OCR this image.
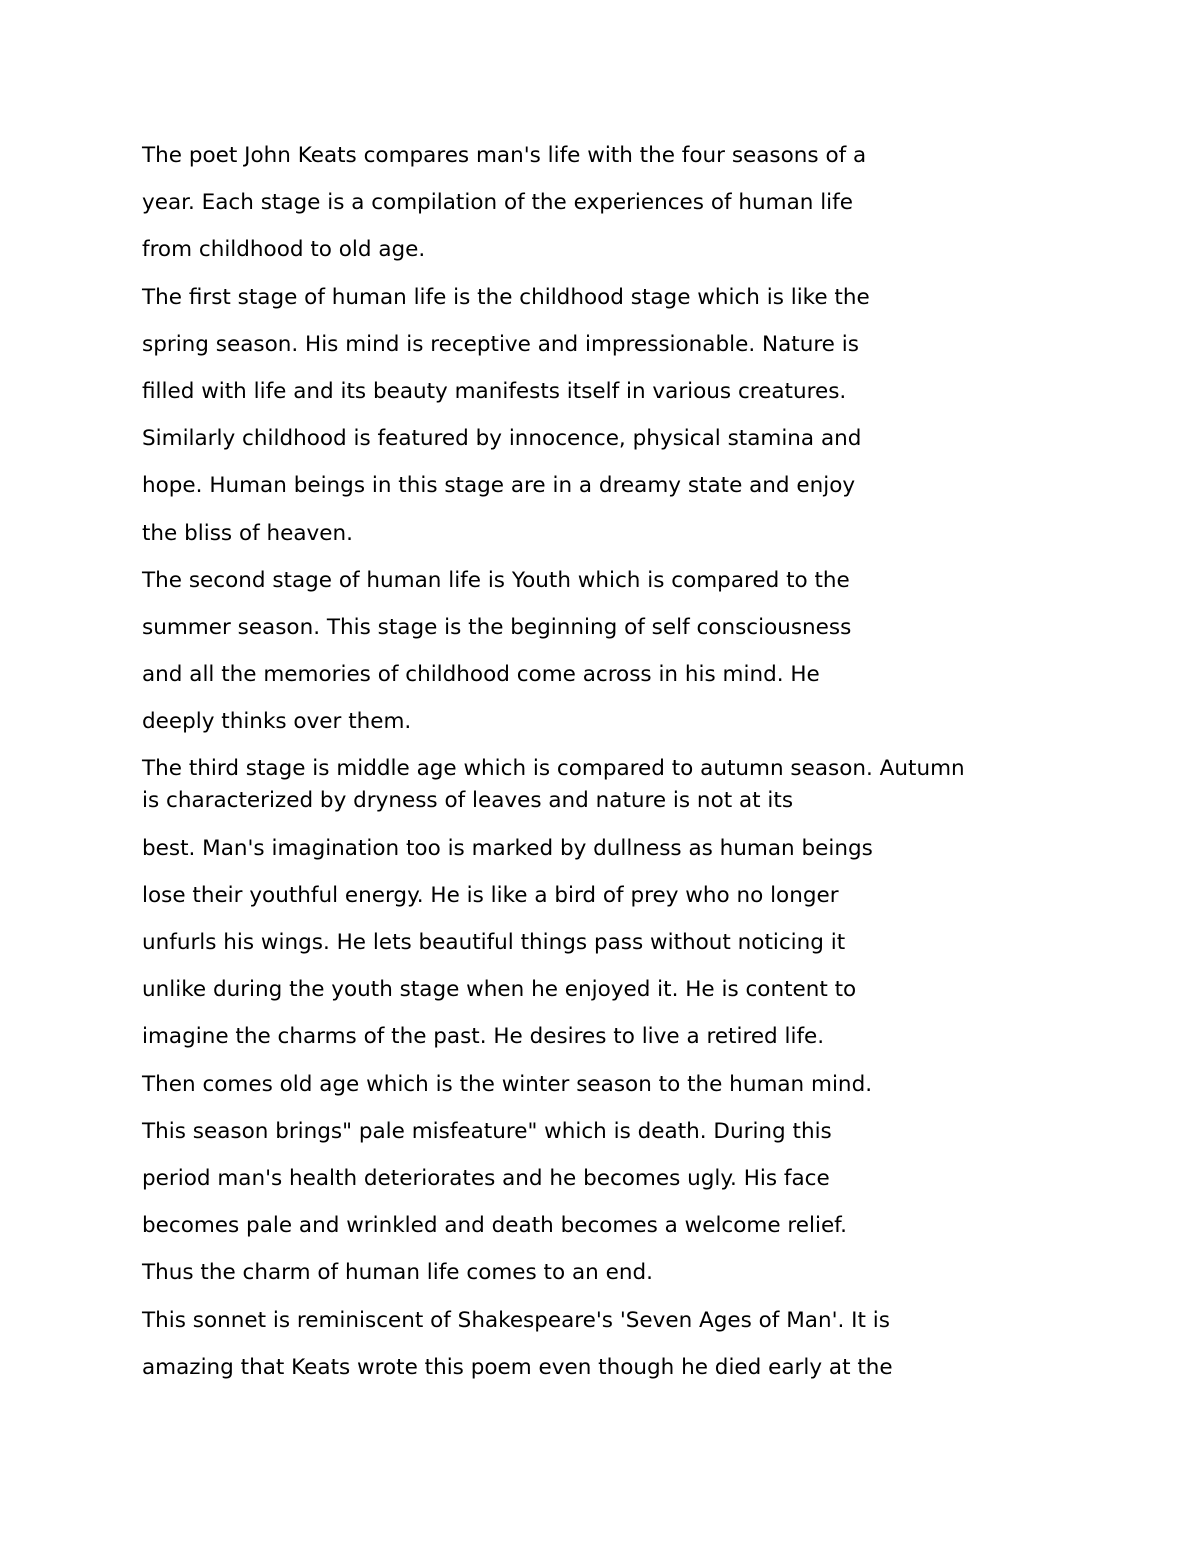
The poet John Keats compares man's life with the four seasons of a
year. Each stage is a compilation of the experiences of human life
from childhood to old age.
The first stage of human life is the childhood stage which is like the
spring season. His mind is receptive and impressionable. Nature is
filled with life and its beauty manifests itself in various creatures.
Similarly childhood is featured by innocence, physical stamina and
hope. Human beings in this stage are in a dreamy state and enjoy
the bliss of heaven.
The second stage of human life is Youth which is compared to the
summer season. This stage is the beginning of self consciousness
and all the memories of childhood come across in his mind. He
deeply thinks over them.
The third stage is middle age which is compared to autumn season. Autumn
is characterized by dryness of leaves and nature is not at its
best. Man's imagination too is marked by dullness as human beings
lose their youthful energy. He is like a bird of prey who no longer
unfurls his wings. He lets beautiful things pass without noticing it
unlike during the youth stage when he enjoyed it. He is content to
imagine the charms of the past. He desires to live a retired life.
Then comes old age which is the winter season to the human mind.
This season brings" pale misfeature" which is death. During this
period man's health deteriorates and he becomes ugly. His face
becomes pale and wrinkled and death becomes a welcome relief.
Thus the charm of human life comes to an end.
This sonnet is reminiscent of Shakespeare's 'Seven Ages of Man'. It is
amazing that Keats wrote this poem even though he died early at the
